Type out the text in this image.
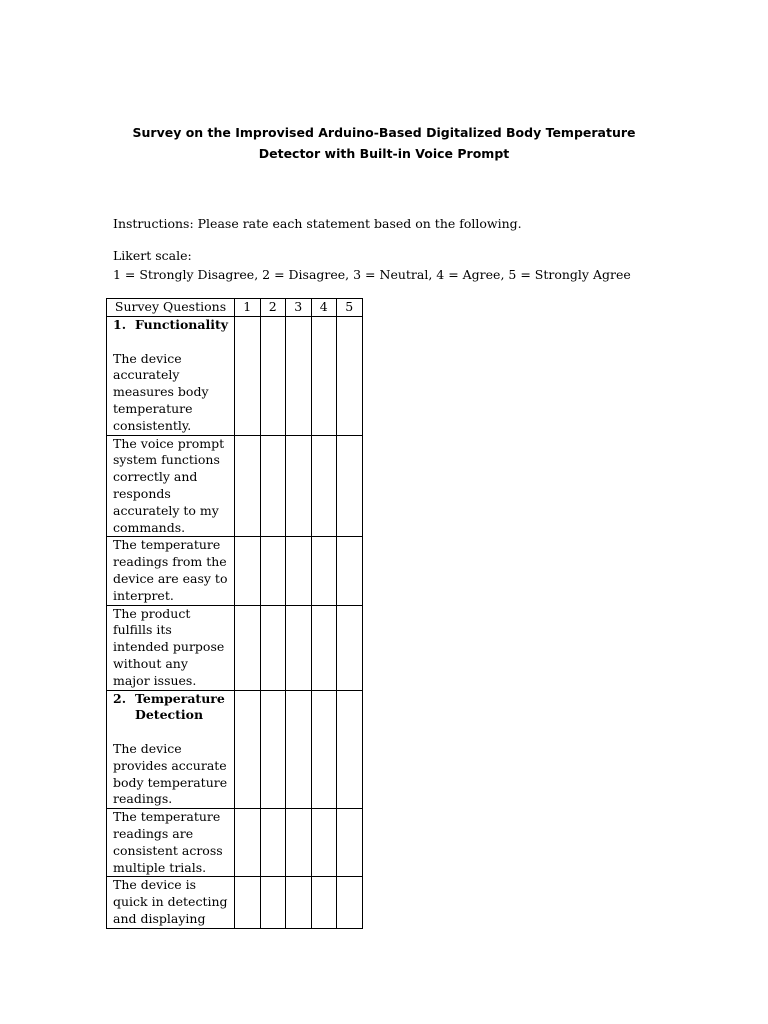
Survey on the Improvised Arduino-Based Digitalized Body Temperature Detector with Built-in Voice Prompt
Instructions: Please rate each statement based on the following.
Likert scale:
1 = Strongly Disagree, 2 = Disagree, 3 = Neutral, 4 = Agree, 5 = Strongly Agree
Survey Questions	1	2	3	4	5

1. Functionality
The device accurately measures body temperature consistently.					
The voice prompt system functions correctly and responds accurately to my commands.					
The temperature readings from the device are easy to interpret.					
The product fulfills its intended purpose without any major issues.					

2. Temperature Detection
The device provides accurate body temperature readings.					
The temperature readings are consistent across multiple trials.					
The device is quick in detecting and displaying					
